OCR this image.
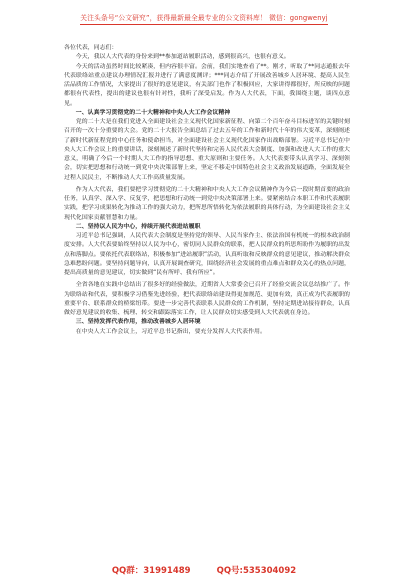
关注头条号“公文研究”，获得最新最全最专业的公文资料库！ 微信：gongwenyj

各位代表，同志们：

今天，我以人大代表的身份来到**参加道站履职活动，感到很高兴，也很有意义。

今天的活动虽然时间比较紧凑，但内容很丰富。会前，我们实地查看了**。刚才，听取了**同志通报去年代表联络站重点建议办理情况汇报并进行了满意度测评；***同志介绍了开展改善城乡人居环境、提高人民生活品质的工作情况，大家提出了很好的意见建议，有关部门也作了积极回应，大家讲得都很好，所反映的问题都很有代表性，提出的建议也很有针对性，我听了深受启发。作为人大代表，下面，我围绕主题，谈四点意见。

一、认真学习贯彻党的二十大精神和中央人大工作会议精神

党的二十大是在我们党进入全面建设社会主义现代化国家新征程、向第二个百年奋斗目标进军的关键时刻召开的一次十分重要的大会。党的二十大报告全面总结了过去五年的工作和新时代十年的伟大变革，深刻阐述了新时代新征程党的中心任务和使命担当，对全面建设社会主义现代化国家作出战略部署。习近平总书记在中央人大工作会议上的重要讲话，深刻阐述了新时代坚持和完善人民代表大会制度、加强和改进人大工作的重大意义，明确了今后一个时期人大工作的指导思想、重大原则和主要任务。人大代表要带头认真学习、深刻领会，切实把思想和行动统一到党中央决策部署上来，坚定不移走中国特色社会主义政治发展道路，全面发展全过程人民民主，不断推动人大工作高质量发展。

作为人大代表，我们要把学习贯彻党的二十大精神和中央人大工作会议精神作为今后一段时期首要的政治任务，认真学、深入学、反复学，把思想和行动统一到党中央决策部署上来。要紧密结合本职工作和代表履职实践，把学习成果转化为推动工作的强大动力，把所思所悟转化为依法履职的具体行动，为全面建设社会主义现代化国家贡献智慧和力量。

二、坚持以人民为中心，持续开展代表进站履职

习近平总书记强调，人民代表大会制度是坚持党的领导、人民当家作主、依法治国有机统一的根本政治制度安排。人大代表要始终坚持以人民为中心，密切同人民群众的联系，把人民群众的所思所盼作为履职的出发点和落脚点。要依托代表联络站，积极参加“进站履职”活动，认真听取和反映群众的意见建议，推动解决群众急难愁盼问题。要坚持问题导向，认真开展调查研究，围绕经济社会发展的重点难点和群众关心的热点问题，提出高质量的意见建议，切实做到“民有所呼、我有所应”。

全省各地在实践中总结出了很多好的经验做法，近期省人大常委会已召开了经验交流会议总结推广了。作为联络站和代表，要积极学习借鉴先进经验，把代表联络站建设得更加规范、更加有效，真正成为代表履职的重要平台、联系群众的桥梁纽带。要进一步完善代表联系人民群众的工作机制，坚持定期进站接待群众，认真做好意见建议的收集、梳理、转交和跟踪落实工作，让人民群众切实感受到人大代表就在身边。

三、坚持发挥代表作用，推动改善城乡人居环境

在中央人大工作会议上，习近平总书记指出，要充分发挥人大代表作用。

QQ群：31991489	QQ号:535304092
